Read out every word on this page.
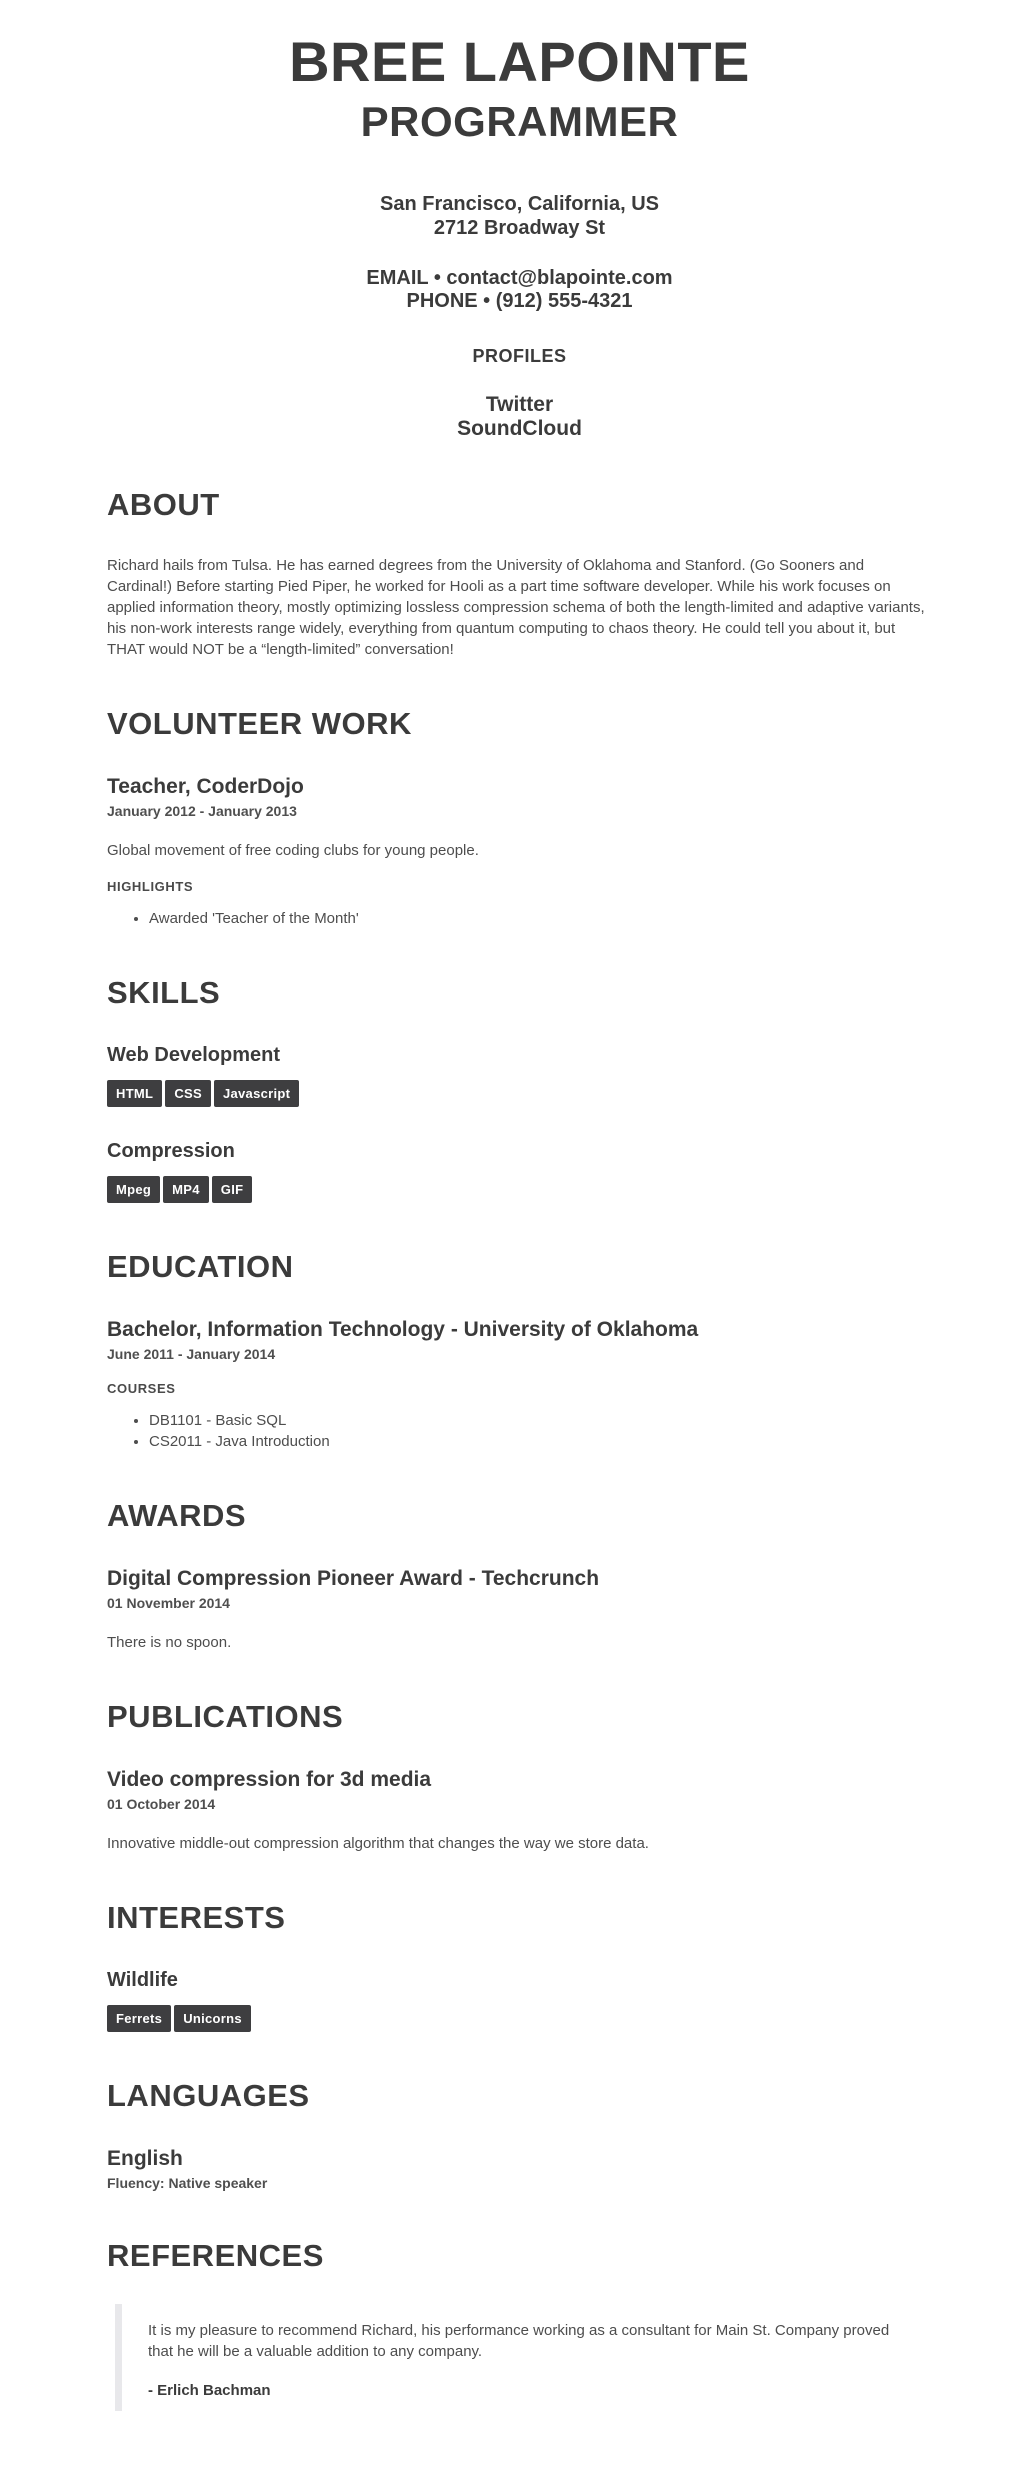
BREE LAPOINTE
PROGRAMMER
San Francisco, California, US
2712 Broadway St
EMAIL • contact@blapointe.com
PHONE • (912) 555-4321
PROFILES
Twitter
SoundCloud
ABOUT

Richard hails from Tulsa. He has earned degrees from the University of Oklahoma and Stanford. (Go Sooners and Cardinal!) Before starting Pied Piper, he worked for Hooli as a part time software developer. While his work focuses on applied information theory, mostly optimizing lossless compression schema of both the length-limited and adaptive variants, his non-work interests range widely, everything from quantum computing to chaos theory. He could tell you about it, but THAT would NOT be a “length-limited” conversation!

VOLUNTEER WORK
Teacher, CoderDojo
January 2012 - January 2013

Global movement of free coding clubs for young people.

HIGHLIGHTS
• Awarded 'Teacher of the Month'
SKILLS
Web Development
HTML	CSS	Javascript
Compression
Mpeg	MP4	GIF
EDUCATION
Bachelor, Information Technology - University of Oklahoma
June 2011 - January 2014
COURSES
• DB1101 - Basic SQL
• CS2011 - Java Introduction
AWARDS
Digital Compression Pioneer Award - Techcrunch
01 November 2014

There is no spoon.

PUBLICATIONS
Video compression for 3d media
01 October 2014

Innovative middle-out compression algorithm that changes the way we store data.

INTERESTS
Wildlife
Ferrets	Unicorns
LANGUAGES
English
Fluency: Native speaker
REFERENCES
It is my pleasure to recommend Richard, his performance working as a consultant for Main St. Company proved that he will be a valuable addition to any company.
- Erlich Bachman
